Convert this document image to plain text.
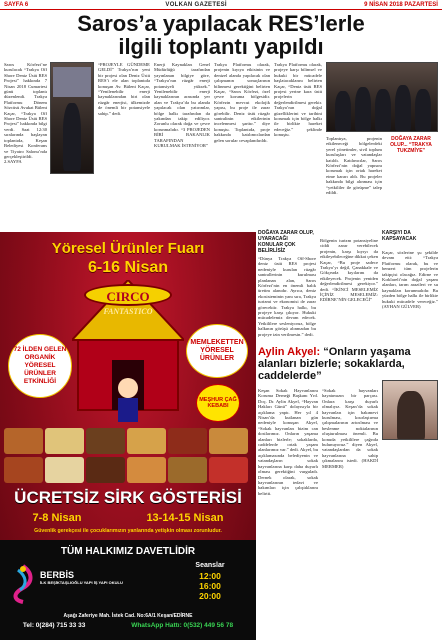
SAYFA 6	VOLKAN GAZETESİ	9 NİSAN 2018 PAZARTESİ
Saros’a yapılacak RES’lerle
ilgili toplantı yapıldı
Saros Körfezi’ne kurulacak “Trakya Off Shore Deniz Üstü RES Projesi” hakkında 7 Nisan 2018 Cumartesi günü toplantı düzenlendi. Trakya Platformu Dönem Sözcüsü Avukat Bülent Kaçar, “Trakya Off Shore Deniz Üstü RES Projesi” hakkında bilgi verdi. Saat 12:30 sıralarında başlayan toplantıda, Keşan Belediyesi Konferans ve Tiyatro Salonu’nda gerçekleştirildi. 2.SAYFA
“PROJEYLE GÜNDEME GELDİ” Trakya’nın yeni bir projesi olan Deniz Üstü RES’i ele alan toplantıda konuşan Av. Bülent Kaçar, “Yenilenebilir enerji kaynaklarından biri olan rüzgâr enerjisi, ülkemizde de önemli bir potansiyele sahip.” dedi.
Enerji Kaynakları Genel Müdürlüğü tarafından yayınlanan bilgiye göre, “Trakya’nın rüzgâr enerji potansiyeli yüksek.” Yenilenebilir enerji kaynaklarının arasında yer alan ve Trakya’da bu alanda yapılacak olan yatırımlar, bölge halkı tarafından da yakından takip ediliyor. Zorunlu olarak doğa ve çevre korunmalıdır. “3 PROJEDEN BİRİ BAKANLIK TARAFINDAN KURULMAK İSTENİYOR”
Trakya Platformu olarak, projenin kıyıya etkisinin ve denizel alanda yapılacak olan çalışmanın sonuçlarının bilinmesi gerektiğini belirten Kaçar, “Saros Körfezi, özel çevre koruma bölgesidir. Körfezin mevcut ekolojik yapısı, bu proje ile zarar görebilir. Deniz üstü rüzgâr santralinin etkilerinin incelenmesi şarttır.” diye konuştu. Toplantıda, proje hakkında katılımcılardan gelen sorular cevaplandırıldı.
Trakya Platformu olarak, projeye karşı bilimsel ve hukuki bir mücadele başlatacaklarını belirten Kaçar, “Deniz üstü RES projesi yerine kara üstü projelerin değerlendirilmesi gerekir. Trakya’nın doğal güzelliklerini ve tarihini korumak için bölge halkı ile birlikte hareket edeceğiz.” şeklinde konuştu.
Toplantıya, projenin etkileneceği bölgelerdeki yerel yönetimler, sivil toplum kuruluşları ve vatandaşlar katıldı. Katılımcılar, Saros Körfezi’nin doğal yapısını korumak için ortak hareket etme kararı aldı. Bu projeler hakkında bilgi alınması için “yetkililer ile görüşme” talep edildi.
DOĞAYA ZARAR OLUP... “TRAKYA TUKZMİYE”
DOĞAYA ZARAR OLUP, UYARACAĞI KONULAR ÇOK BELİRLİSİZ
KARŞIYI DA KAPSAYACAK
“Dünya Trakya Off-Shore deniz üstü RES projesi nedeniyle kurulan rüzgâr santrallerinin kurulması planlanan alan, Saros Körfezi’nin en önemli balık üretim alanıdır. Ayrıca, deniz ekosisteminin yanı sıra, Trakya turizmi ve ekonomisi de zarar görecektir. Trakya halkı, bu projeye karşı çıkıyor. Hukuki mücadelemiz devam edecek. Yetkililere sesleniyoruz, bölge halkının görüşü alınmadan bu projeye izin verilmesin.” dedi.
Bölgenin turizm potansiyeline ciddi zarar verebilecek projenin, karşı kıyıyı da etkileyebileceğine dikkat çeken Kaçar, “Bu proje sadece Trakya’yı değil, Çanakkale ve Gökçeada kıyılarını da etkileyecek. Projenin yeniden değerlendirilmesi gerekiyor.” dedi. “İKİNCİ MESELEMİZ İÇİNİZ MESELEMİZ: EDİRNE’NİN GELECEĞİ”
Kaçar, sözlerine şu şekilde devam etti: “Trakya Platformu olarak, bu ve benzeri tüm projelerin takipçisi olacağız. Edirne ve Kırklareli’nin doğal yaşam alanları, tarım arazileri ve su kaynakları korunmalıdır. Bu yüzden bölge halkı ile birlikte hukuki mücadele vereceğiz.” (AYHAN GÜLVER)
Aylin Akyel: “Onların yaşama alanları bizlerle; sokaklarda, caddelerde”
Keşan Sokak Hayvanlarını Koruma Derneği Başkanı Yrd. Doç. Dr. Aylin Akyel, “Hayvan Hakları Günü” dolayısıyla bir açıklama yaptı. Her yıl 4 Nisan’da kutlanan gün nedeniyle konuşan Akyel, “Sokak hayvanları bizim can dostlarımız. Onların yaşama alanları bizlerle; sokaklarda, caddelerde ortak yaşam alanlarımız var.” dedi. Akyel, bu açıklamasında belediyenin ve vatandaşların sokak hayvanlarına karşı daha duyarlı olması gerektiğini vurguladı. Dernek olarak, sokak hayvanlarının tedavi ve bakımları için çalıştıklarını belirtti.
“Sokak hayvanları hayatımızın bir parçası. Onlara karşı duyarlı olmalıyız. Keşan’da sokak hayvanları için bakımevi kurulması, kısırlaştırma çalışmalarının artırılması ve beslenme noktalarının oluşturulması önemli. Bu konuda yetkililere çağrıda bulunuyoruz.” diyen Akyel, vatandaşlardan da sokak hayvanlarına sahip çıkmalarını istedi. (HAKDİ MERMER)
Yöresel Ürünler Fuarı
6-16 Nisan
CIRCO
FANTASTICO
72 İLDEN GELEN ORGANİK YÖRESEL ÜRÜNLER ETKİNLİĞİ
MEMLEKETTEN YÖRESEL ÜRÜNLER
MEŞHUR ÇAĞ KEBABI
ÜCRETSİZ SİRK GÖSTERİSİ
7-8 Nisan	13-14-15 Nisan
Güvenlik gerekçesi ile çocuklarımızın yanlarında yetişkin olması zorunludur.
TÜM HALKIMIZ DAVETLİDİR
BERBİS
İLK BEŞİKTAŞLIOĞLU YAPI İŞ YAPI OKULU
Seanslar
12:00
16:00
20:00
Aşağı Zaferiye Mah. İstek Cad. No:6A/1 Keşan/EDİRNE
Tel: 0(284) 715 33 33	WhatsApp Hattı: 0(532) 449 56 78
